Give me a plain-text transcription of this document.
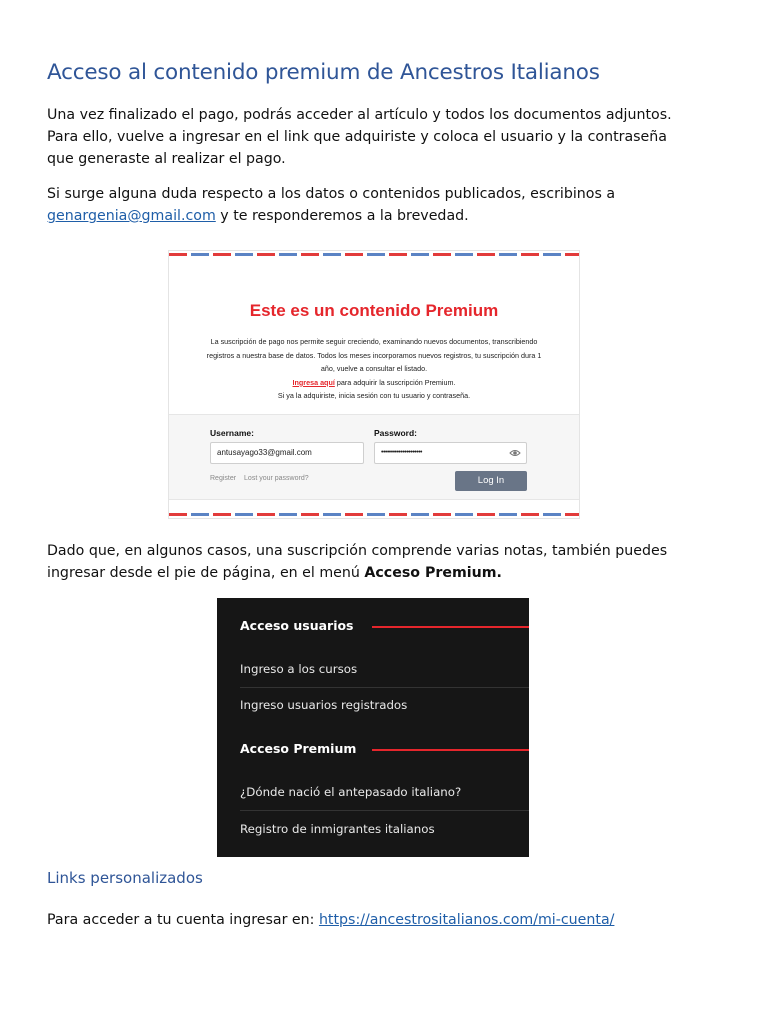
Acceso al contenido premium de Ancestros Italianos
Una vez finalizado el pago, podrás acceder al artículo y todos los documentos adjuntos.
Para ello, vuelve a ingresar en el link que adquiriste y coloca el usuario y la contraseña
que generaste al realizar el pago.
Si surge alguna duda respecto a los datos o contenidos publicados, escribinos a
genargenia@gmail.com y te responderemos a la brevedad.
Este es un contenido Premium
La suscripción de pago nos permite seguir creciendo, examinando nuevos documentos, transcribiendo
registros a nuestra base de datos. Todos los meses incorporamos nuevos registros, tu suscripción dura 1
año, vuelve a consultar el listado.
Ingresa aquí para adquirir la suscripción Premium.
Si ya la adquiriste, inicia sesión con tu usuario y contraseña.
Username:
antusayago33@gmail.com
Password:
•••••••••••••••••••••
Register Lost your password?	Log In
Dado que, en algunos casos, una suscripción comprende varias notas, también puedes
ingresar desde el pie de página, en el menú Acceso Premium.
Acceso usuarios
Ingreso a los cursos
Ingreso usuarios registrados
Acceso Premium
¿Dónde nació el antepasado italiano?
Registro de inmigrantes italianos
Links personalizados
Para acceder a tu cuenta ingresar en: https://ancestrositalianos.com/mi-cuenta/
